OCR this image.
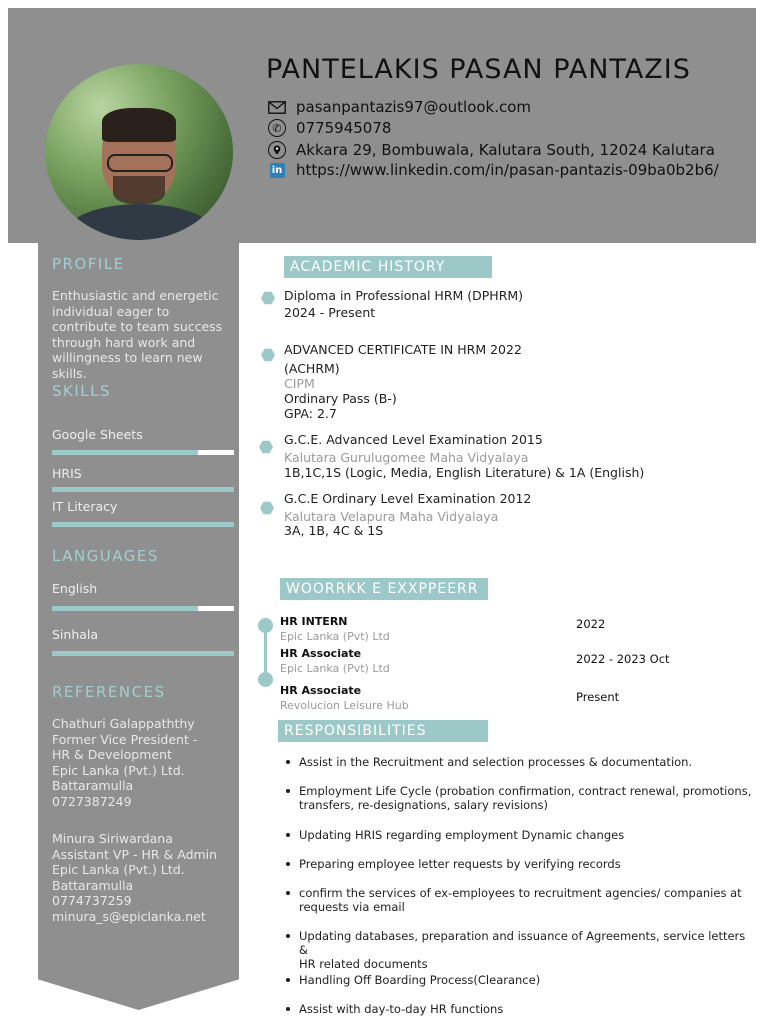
PANTELAKIS PASAN PANTAZIS
pasanpantazis97@outlook.com
✆ 0775945078
Akkara 29, Bombuwala, Kalutara South, 12024 Kalutara
in https://www.linkedin.com/in/pasan-pantazis-09ba0b2b6/
PROFILE

Enthusiastic and energetic individual eager to contribute to team success through hard work and willingness to learn new skills.

SKILLS
Google Sheets
HRIS
IT Literacy
LANGUAGES
English
Sinhala
REFERENCES
Chathuri Galappaththy
Former Vice President -
HR & Development
Epic Lanka (Pvt.) Ltd.
Battaramulla
0727387249
Minura Siriwardana
Assistant VP - HR & Admin
Epic Lanka (Pvt.) Ltd.
Battaramulla
0774737259
minura_s@epiclanka.net
ACADEMIC HISTORY
Diploma in Professional HRM (DPHRM)
2024 - Present
ADVANCED CERTIFICATE IN HRM 2022
(ACHRM)
CIPM
Ordinary Pass (B-)
GPA: 2.7
G.C.E. Advanced Level Examination 2015
Kalutara Gurulugomee Maha Vidyalaya
1B,1C,1S (Logic, Media, English Literature) & 1A (English)
G.C.E Ordinary Level Examination 2012
Kalutara Velapura Maha Vidyalaya
3A, 1B, 4C & 1S
WOORRKK E EXXPPEERR
HR INTERN
Epic Lanka (Pvt) Ltd
2022
HR Associate
Epic Lanka (Pvt) Ltd
2022 - 2023 Oct
HR Associate
Revolucion Leisure Hub
Present
RESPONSIBILITIES
Assist in the Recruitment and selection processes & documentation.
Employment Life Cycle (probation confirmation, contract renewal, promotions,
transfers, re-designations, salary revisions)
Updating HRIS regarding employment Dynamic changes
Preparing employee letter requests by verifying records
confirm the services of ex-employees to recruitment agencies/ companies at
requests via email
Updating databases, preparation and issuance of Agreements, service letters &
HR related documents
Handling Off Boarding Process(Clearance)
Assist with day-to-day HR functions
